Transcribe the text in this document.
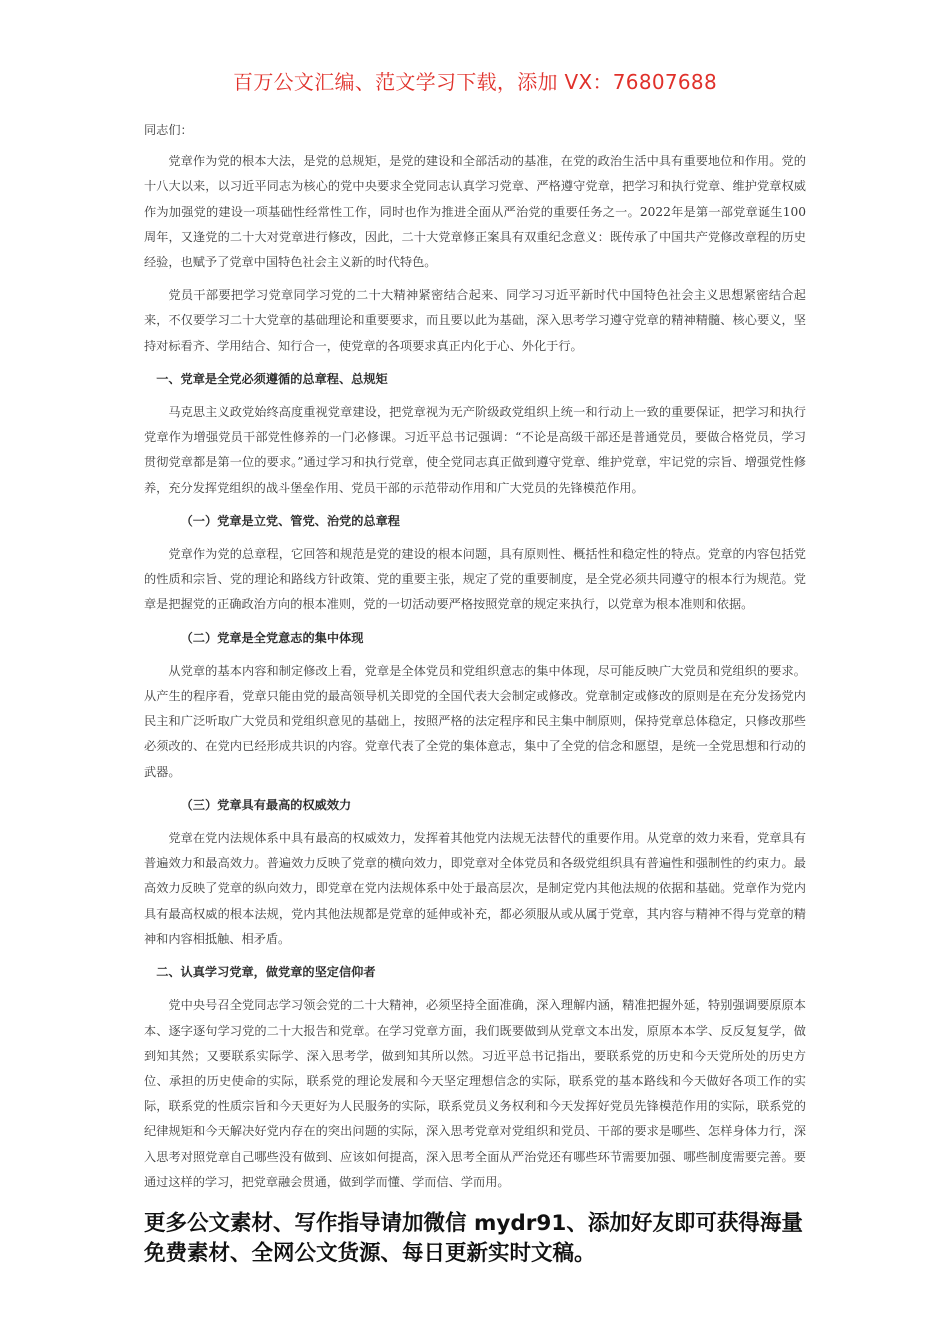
百万公文汇编、范文学习下载，添加 VX：76807688

同志们：

党章作为党的根本大法，是党的总规矩，是党的建设和全部活动的基准，在党的政治生活中具有重要地位和作用。党的十八大以来，以习近平同志为核心的党中央要求全党同志认真学习党章、严格遵守党章，把学习和执行党章、维护党章权威作为加强党的建设一项基础性经常性工作，同时也作为推进全面从严治党的重要任务之一。2022年是第一部党章诞生100周年，又逢党的二十大对党章进行修改，因此，二十大党章修正案具有双重纪念意义：既传承了中国共产党修改章程的历史经验，也赋予了党章中国特色社会主义新的时代特色。

党员干部要把学习党章同学习党的二十大精神紧密结合起来、同学习习近平新时代中国特色社会主义思想紧密结合起来，不仅要学习二十大党章的基础理论和重要要求，而且要以此为基础，深入思考学习遵守党章的精神精髓、核心要义，坚持对标看齐、学用结合、知行合一，使党章的各项要求真正内化于心、外化于行。

一、党章是全党必须遵循的总章程、总规矩

马克思主义政党始终高度重视党章建设，把党章视为无产阶级政党组织上统一和行动上一致的重要保证，把学习和执行党章作为增强党员干部党性修养的一门必修课。习近平总书记强调：“不论是高级干部还是普通党员，要做合格党员，学习贯彻党章都是第一位的要求。”通过学习和执行党章，使全党同志真正做到遵守党章、维护党章，牢记党的宗旨、增强党性修养，充分发挥党组织的战斗堡垒作用、党员干部的示范带动作用和广大党员的先锋模范作用。

（一）党章是立党、管党、治党的总章程

党章作为党的总章程，它回答和规范是党的建设的根本问题，具有原则性、概括性和稳定性的特点。党章的内容包括党的性质和宗旨、党的理论和路线方针政策、党的重要主张，规定了党的重要制度，是全党必须共同遵守的根本行为规范。党章是把握党的正确政治方向的根本准则，党的一切活动要严格按照党章的规定来执行，以党章为根本准则和依据。

（二）党章是全党意志的集中体现

从党章的基本内容和制定修改上看，党章是全体党员和党组织意志的集中体现，尽可能反映广大党员和党组织的要求。从产生的程序看，党章只能由党的最高领导机关即党的全国代表大会制定或修改。党章制定或修改的原则是在充分发扬党内民主和广泛听取广大党员和党组织意见的基础上，按照严格的法定程序和民主集中制原则，保持党章总体稳定，只修改那些必须改的、在党内已经形成共识的内容。党章代表了全党的集体意志，集中了全党的信念和愿望，是统一全党思想和行动的武器。

（三）党章具有最高的权威效力

党章在党内法规体系中具有最高的权威效力，发挥着其他党内法规无法替代的重要作用。从党章的效力来看，党章具有普遍效力和最高效力。普遍效力反映了党章的横向效力，即党章对全体党员和各级党组织具有普遍性和强制性的约束力。最高效力反映了党章的纵向效力，即党章在党内法规体系中处于最高层次，是制定党内其他法规的依据和基础。党章作为党内具有最高权威的根本法规，党内其他法规都是党章的延伸或补充，都必须服从或从属于党章，其内容与精神不得与党章的精神和内容相抵触、相矛盾。

二、认真学习党章，做党章的坚定信仰者

党中央号召全党同志学习领会党的二十大精神，必须坚持全面准确，深入理解内涵，精准把握外延，特别强调要原原本本、逐字逐句学习党的二十大报告和党章。在学习党章方面，我们既要做到从党章文本出发，原原本本学、反反复复学，做到知其然；又要联系实际学、深入思考学，做到知其所以然。习近平总书记指出，要联系党的历史和今天党所处的历史方位、承担的历史使命的实际，联系党的理论发展和今天坚定理想信念的实际，联系党的基本路线和今天做好各项工作的实际，联系党的性质宗旨和今天更好为人民服务的实际，联系党员义务权利和今天发挥好党员先锋模范作用的实际，联系党的纪律规矩和今天解决好党内存在的突出问题的实际，深入思考党章对党组织和党员、干部的要求是哪些、怎样身体力行，深入思考对照党章自己哪些没有做到、应该如何提高，深入思考全面从严治党还有哪些环节需要加强、哪些制度需要完善。要通过这样的学习，把党章融会贯通，做到学而懂、学而信、学而用。

更多公文素材、写作指导请加微信 mydr91、添加好友即可获得海量免费素材、全网公文货源、每日更新实时文稿。
